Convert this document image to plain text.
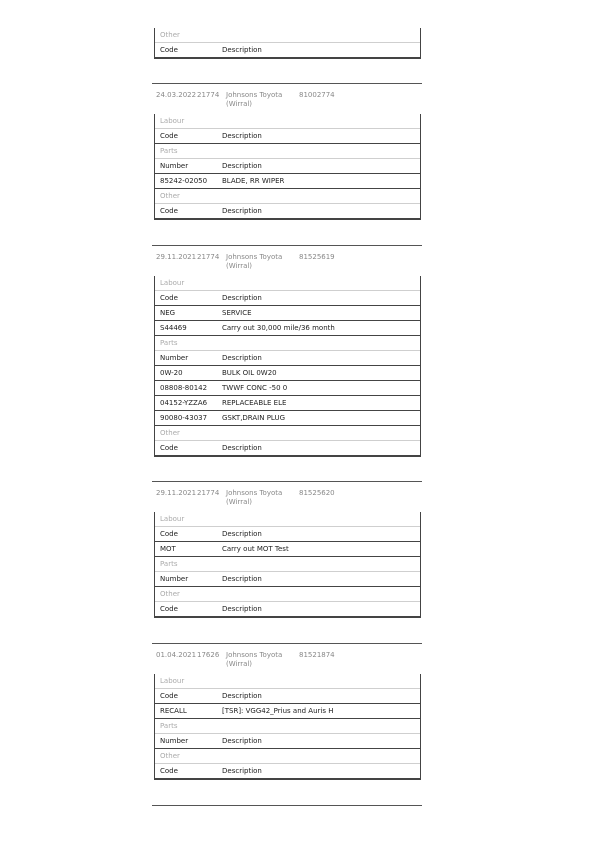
Other
Code	Description
24.03.2022 21774 Johnsons Toyota
(Wirral)
81002774
Labour
Code	Description
Parts
Number	Description
85242-02050 BLADE, RR WIPER
Other
Code	Description
29.11.2021 21774 Johnsons Toyota
(Wirral)
81525619
Labour
Code	Description
NEG	SERVICE
S44469	Carry out 30,000 mile/36 month
Parts
Number	Description
0W-20	BULK OIL 0W20
08808-80142 TWWF CONC -50 0
04152-YZZA6 REPLACEABLE ELE
90080-43037 GSKT,DRAIN PLUG
Other
Code	Description
29.11.2021 21774 Johnsons Toyota
(Wirral)
81525620
Labour
Code	Description
MOT	Carry out MOT Test
Parts
Number	Description
Other
Code	Description
01.04.2021 17626 Johnsons Toyota
(Wirral)
81521874
Labour
Code	Description
RECALL	[TSR]: VGG42_Prius and Auris H
Parts
Number	Description
Other
Code	Description
